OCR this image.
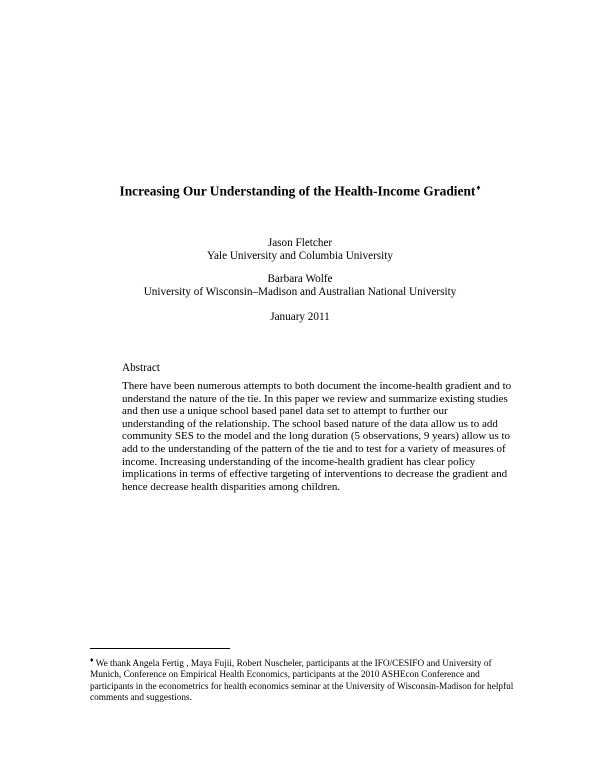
Increasing Our Understanding of the Health-Income Gradient♦
Jason Fletcher
Yale University and Columbia University
Barbara Wolfe
University of Wisconsin–Madison and Australian National University
January 2011
Abstract
There have been numerous attempts to both document the income-health gradient and to understand the nature of the tie. In this paper we review and summarize existing studies and then use a unique school based panel data set to attempt to further our understanding of the relationship. The school based nature of the data allow us to add community SES to the model and the long duration (5 observations, 9 years) allow us to add to the understanding of the pattern of the tie and to test for a variety of measures of income. Increasing understanding of the income-health gradient has clear policy implications in terms of effective targeting of interventions to decrease the gradient and hence decrease health disparities among children.
♦ We thank Angela Fertig , Maya Fujii, Robert Nuscheler, participants at the IFO/CESIFO and University of Munich, Conference on Empirical Health Economics, participants at the 2010 ASHEcon Conference and participants in the econometrics for health economics seminar at the University of Wisconsin-Madison for helpful comments and suggestions.
